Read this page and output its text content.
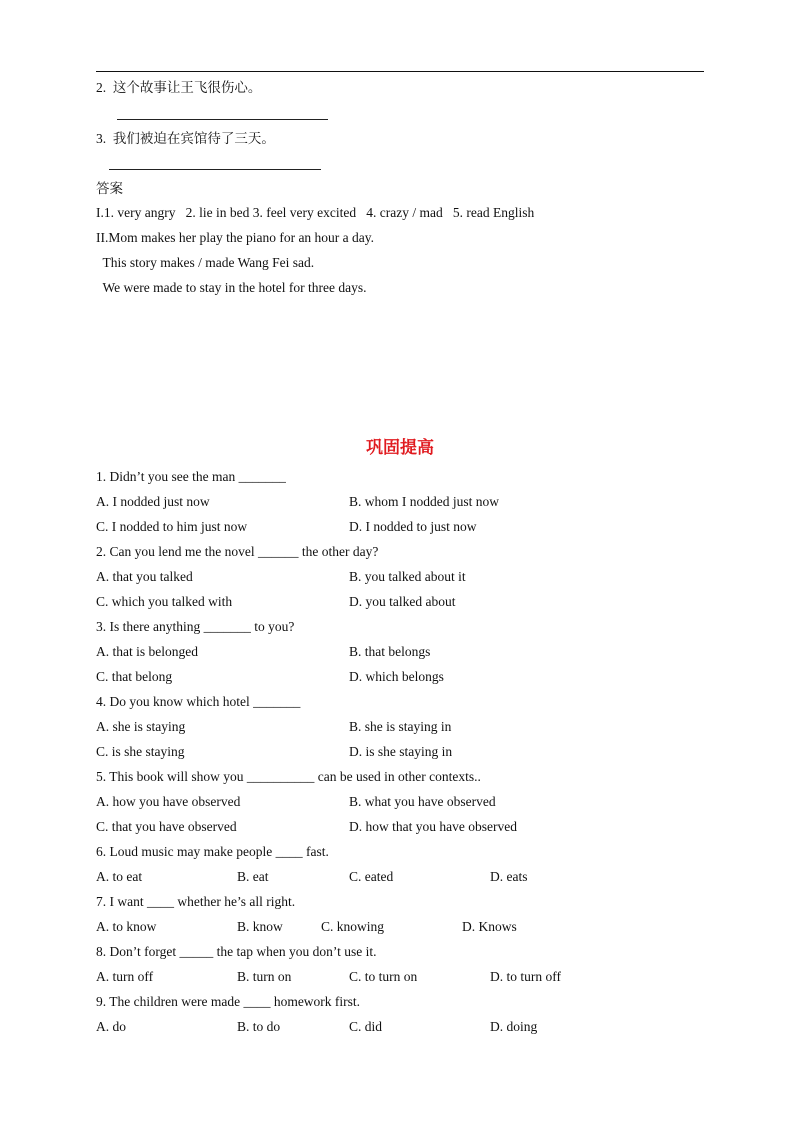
2.  这个故事让王飞很伤心。
3.  我们被迫在宾馆待了三天。
答案
I.1. very angry   2. lie in bed 3. feel very excited   4. crazy / mad   5. read English
II.Mom makes her play the piano for an hour a day.
This story makes / made Wang Fei sad.
We were made to stay in the hotel for three days.
巩固提高
1. Didn’t you see the man _______
A. I nodded just now	B. whom I nodded just now
C. I nodded to him just now	D. I nodded to just now
2. Can you lend me the novel ______ the other day?
A. that you talked	B. you talked about it
C. which you talked with	D. you talked about
3. Is there anything _______ to you?
A. that is belonged	B. that belongs
C. that belong	D. which belongs
4. Do you know which hotel _______
A. she is staying	B. she is staying in
C. is she staying	D. is she staying in
5. This book will show you __________ can be used in other contexts..
A. how you have observed	B. what you have observed
C. that you have observed	D. how that you have observed
6. Loud music may make people ____ fast.
A. to eat	B. eat	C. eated	D. eats
7. I want ____ whether he’s all right.
A. to know	B. know	C. knowing	D. Knows
8. Don’t forget _____ the tap when you don’t use it.
A. turn off	B. turn on	C. to turn on	D. to turn off
9. The children were made ____ homework first.
A. do	B. to do	C. did	D. doing
